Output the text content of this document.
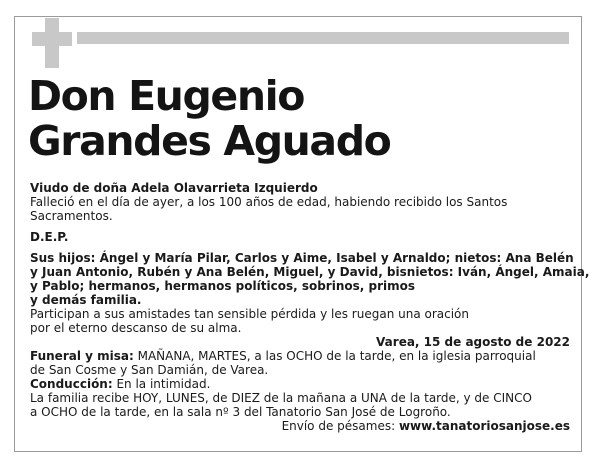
Don Eugenio
Grandes Aguado

Viudo de doña Adela Olavarrieta Izquierdo

Falleció en el día de ayer, a los 100 años de edad, habiendo recibido los Santos

Sacramentos.

D.E.P.

Sus hijos: Ángel y María Pilar, Carlos y Aime, Isabel y Arnaldo; nietos: Ana Belén

y Juan Antonio, Rubén y Ana Belén, Miguel, y David, bisnietos: Iván, Ángel, Amaia,

y Pablo; hermanos, hermanos políticos, sobrinos, primos

y demás familia.

Participan a sus amistades tan sensible pérdida y les ruegan una oración

por el eterno descanso de su alma.

Varea, 15 de agosto de 2022

Funeral y misa: MAÑANA, MARTES, a las OCHO de la tarde, en la iglesia parroquial

de San Cosme y San Damián, de Varea.

Conducción: En la intimidad.

La familia recibe HOY, LUNES, de DIEZ de la mañana a UNA de la tarde, y de CINCO

a OCHO de la tarde, en la sala nº 3 del Tanatorio San José de Logroño.

Envío de pésames: www.tanatoriosanjose.es
